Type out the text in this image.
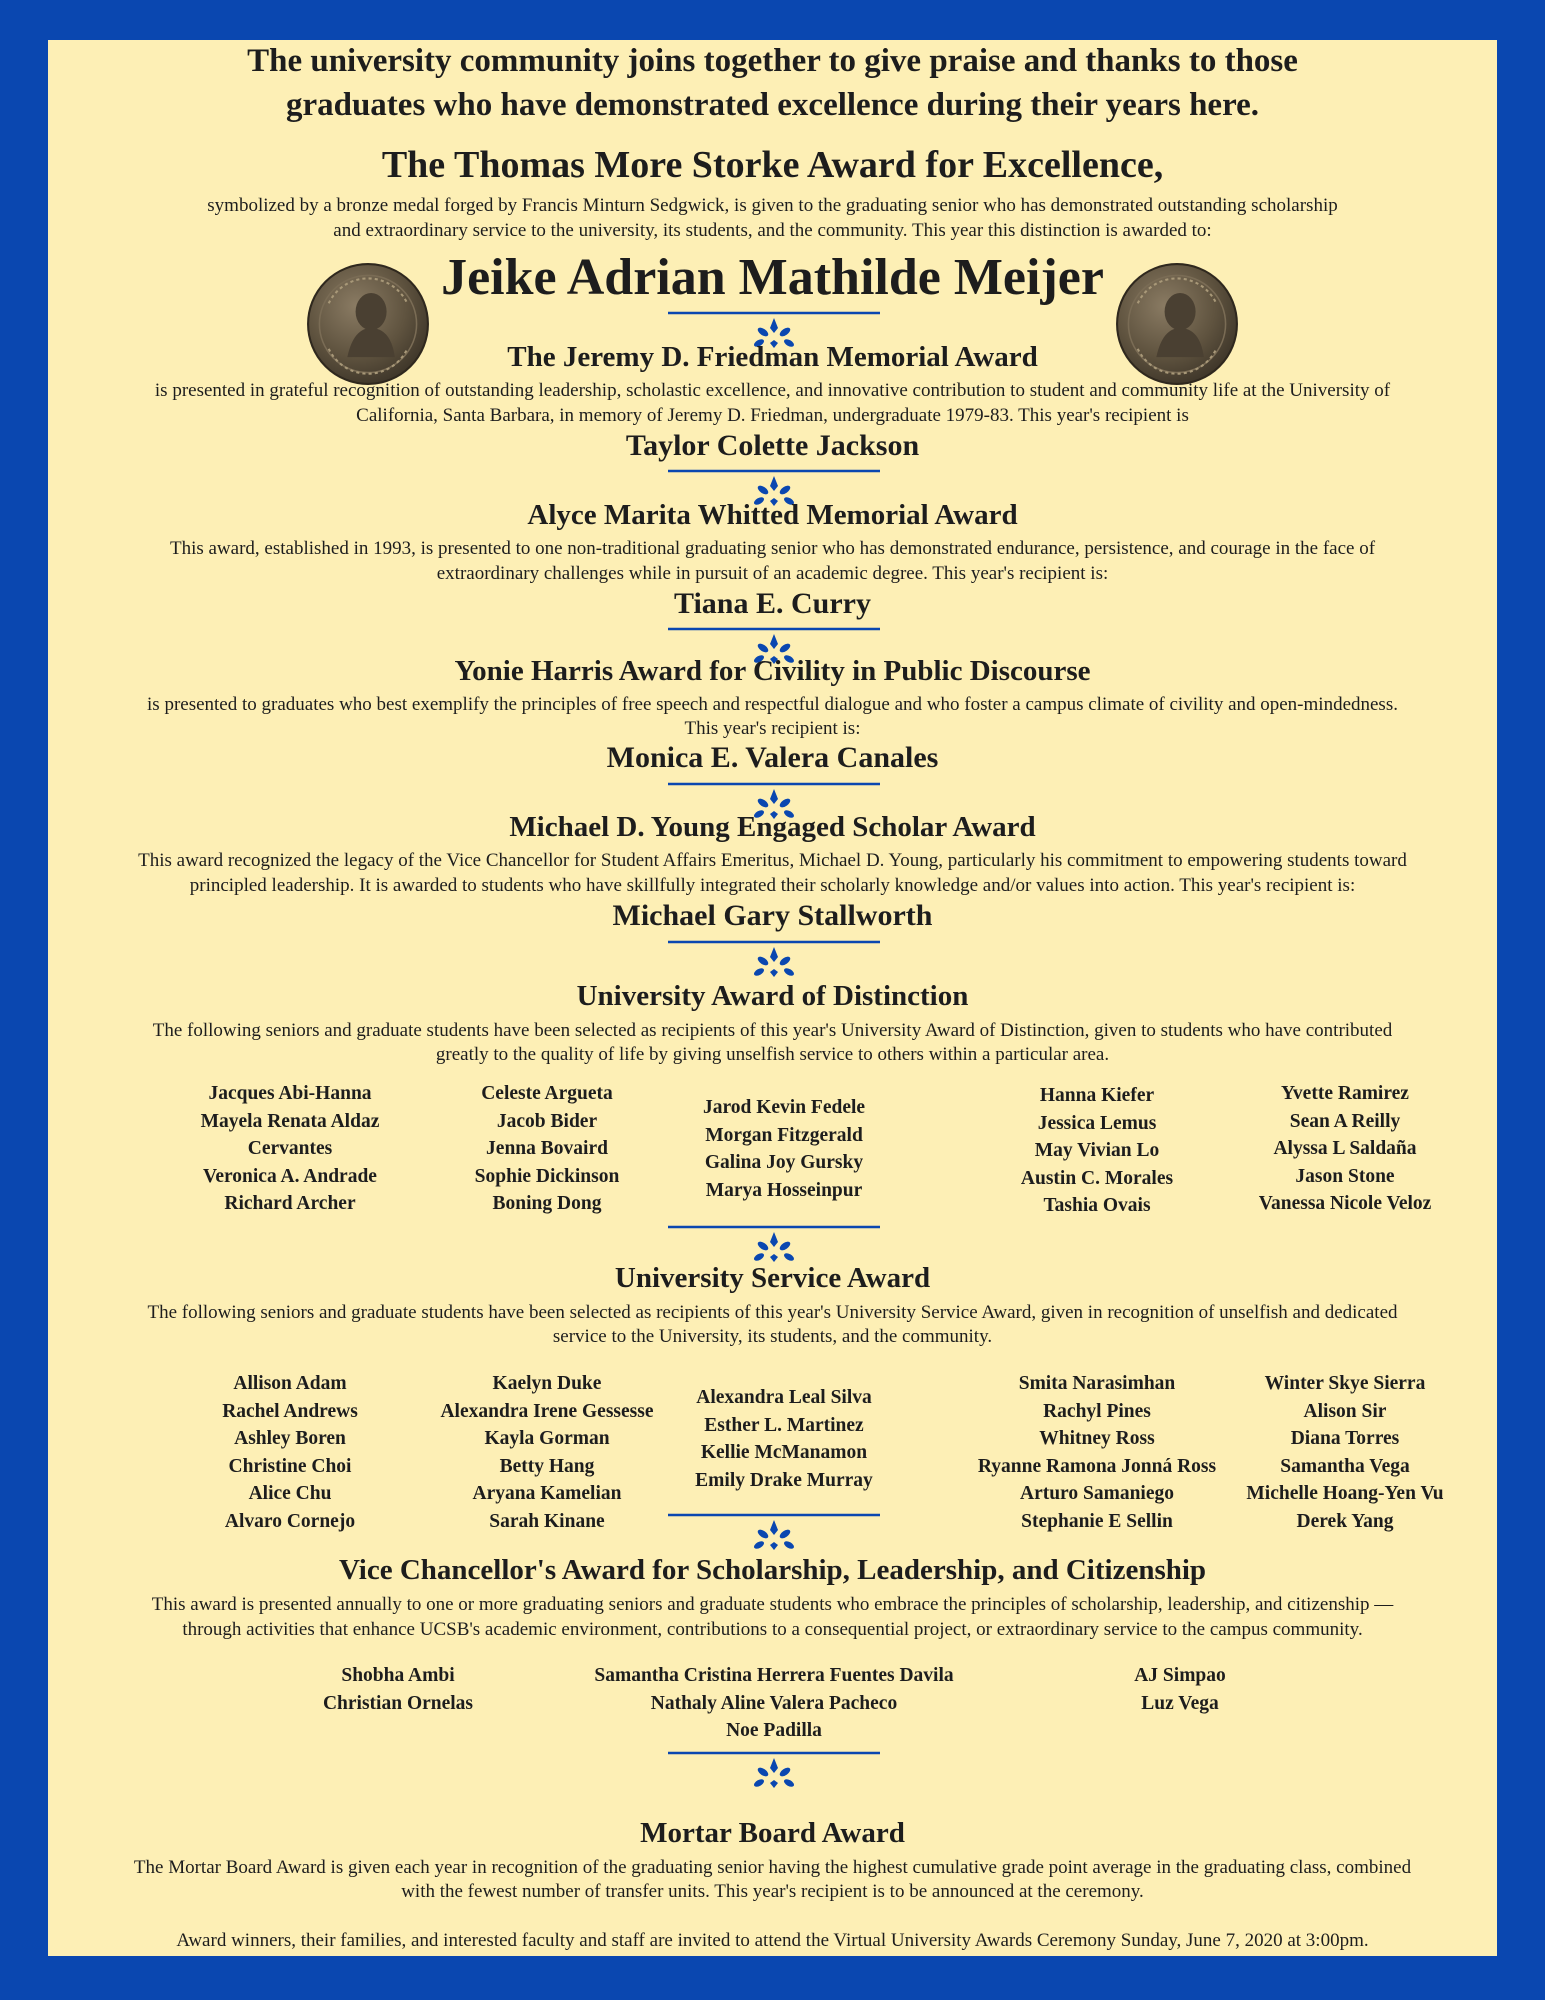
The university community joins together to give praise and thanks to those

graduates who have demonstrated excellence during their years here.

The Thomas More Storke Award for Excellence,

symbolized by a bronze medal forged by Francis Minturn Sedgwick, is given to the graduating senior who has demonstrated outstanding scholarship

and extraordinary service to the university, its students, and the community. This year this distinction is awarded to:

Jeike Adrian Mathilde Meijer

The Jeremy D. Friedman Memorial Award

is presented in grateful recognition of outstanding leadership, scholastic excellence, and innovative contribution to student and community life at the University of

California, Santa Barbara, in memory of Jeremy D. Friedman, undergraduate 1979-83. This year's recipient is

Taylor Colette Jackson

Alyce Marita Whitted Memorial Award

This award, established in 1993, is presented to one non-traditional graduating senior who has demonstrated endurance, persistence, and courage in the face of

extraordinary challenges while in pursuit of an academic degree. This year's recipient is:

Tiana E. Curry

Yonie Harris Award for Civility in Public Discourse

is presented to graduates who best exemplify the principles of free speech and respectful dialogue and who foster a campus climate of civility and open-mindedness.

This year's recipient is:

Monica E. Valera Canales

Michael D. Young Engaged Scholar Award

This award recognized the legacy of the Vice Chancellor for Student Affairs Emeritus, Michael D. Young, particularly his commitment to empowering students toward

principled leadership. It is awarded to students who have skillfully integrated their scholarly knowledge and/or values into action. This year's recipient is:

Michael Gary Stallworth

University Award of Distinction

The following seniors and graduate students have been selected as recipients of this year's University Award of Distinction, given to students who have contributed

greatly to the quality of life by giving unselfish service to others within a particular area.

Jacques Abi-Hanna
Mayela Renata Aldaz
Cervantes
Veronica A. Andrade
Richard Archer
Celeste Argueta
Jacob Bider
Jenna Bovaird
Sophie Dickinson
Boning Dong
Jarod Kevin Fedele
Morgan Fitzgerald
Galina Joy Gursky
Marya Hosseinpur
Hanna Kiefer
Jessica Lemus
May Vivian Lo
Austin C. Morales
Tashia Ovais
Yvette Ramirez
Sean A Reilly
Alyssa L Saldaña
Jason Stone
Vanessa Nicole Veloz

University Service Award

The following seniors and graduate students have been selected as recipients of this year's University Service Award, given in recognition of unselfish and dedicated

service to the University, its students, and the community.

Allison Adam
Rachel Andrews
Ashley Boren
Christine Choi
Alice Chu
Alvaro Cornejo
Kaelyn Duke
Alexandra Irene Gessesse
Kayla Gorman
Betty Hang
Aryana Kamelian
Sarah Kinane
Alexandra Leal Silva
Esther L. Martinez
Kellie McManamon
Emily Drake Murray
Smita Narasimhan
Rachyl Pines
Whitney Ross
Ryanne Ramona Jonná Ross
Arturo Samaniego
Stephanie E Sellin
Winter Skye Sierra
Alison Sir
Diana Torres
Samantha Vega
Michelle Hoang-Yen Vu
Derek Yang

Vice Chancellor's Award for Scholarship, Leadership, and Citizenship

This award is presented annually to one or more graduating seniors and graduate students who embrace the principles of scholarship, leadership, and citizenship —

through activities that enhance UCSB's academic environment, contributions to a consequential project, or extraordinary service to the campus community.

Shobha Ambi
Christian Ornelas
Samantha Cristina Herrera Fuentes Davila
Nathaly Aline Valera Pacheco
Noe Padilla
AJ Simpao
Luz Vega

Mortar Board Award

The Mortar Board Award is given each year in recognition of the graduating senior having the highest cumulative grade point average in the graduating class, combined

with the fewest number of transfer units. This year's recipient is to be announced at the ceremony.

Award winners, their families, and interested faculty and staff are invited to attend the Virtual University Awards Ceremony Sunday, June 7, 2020 at 3:00pm.
